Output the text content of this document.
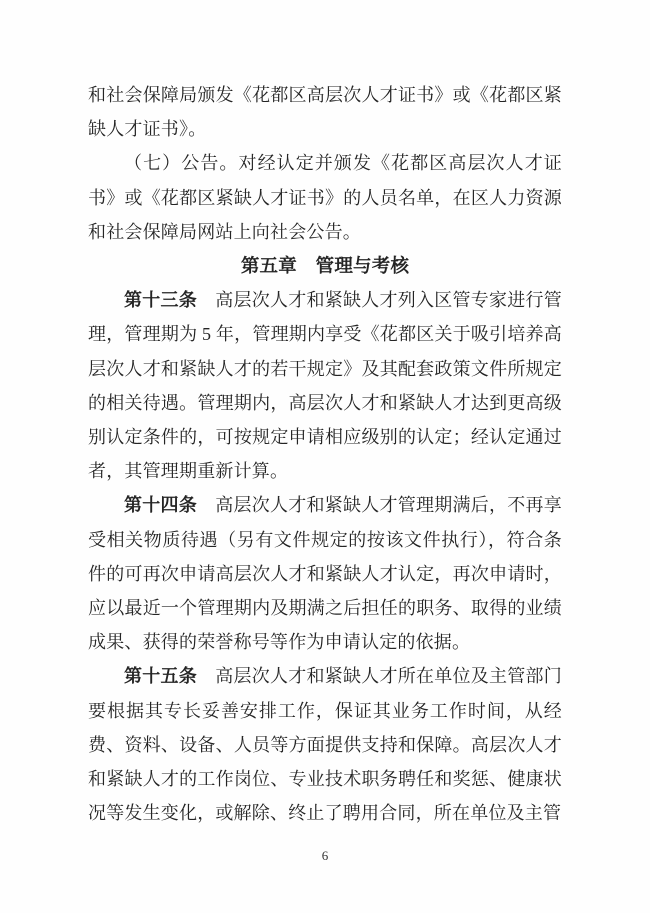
和社会保障局颁发《花都区高层次人才证书》或《花都区紧缺人才证书》。

（七）公告。对经认定并颁发《花都区高层次人才证书》或《花都区紧缺人才证书》的人员名单，在区人力资源和社会保障局网站上向社会公告。

第五章　管理与考核

第十三条　高层次人才和紧缺人才列入区管专家进行管理，管理期为 5 年，管理期内享受《花都区关于吸引培养高层次人才和紧缺人才的若干规定》及其配套政策文件所规定的相关待遇。管理期内，高层次人才和紧缺人才达到更高级别认定条件的，可按规定申请相应级别的认定；经认定通过者，其管理期重新计算。

第十四条　高层次人才和紧缺人才管理期满后，不再享受相关物质待遇（另有文件规定的按该文件执行），符合条件的可再次申请高层次人才和紧缺人才认定，再次申请时，应以最近一个管理期内及期满之后担任的职务、取得的业绩成果、获得的荣誉称号等作为申请认定的依据。

第十五条　高层次人才和紧缺人才所在单位及主管部门要根据其专长妥善安排工作，保证其业务工作时间，从经费、资料、设备、人员等方面提供支持和保障。高层次人才和紧缺人才的工作岗位、专业技术职务聘任和奖惩、健康状况等发生变化，或解除、终止了聘用合同，所在单位及主管

6
